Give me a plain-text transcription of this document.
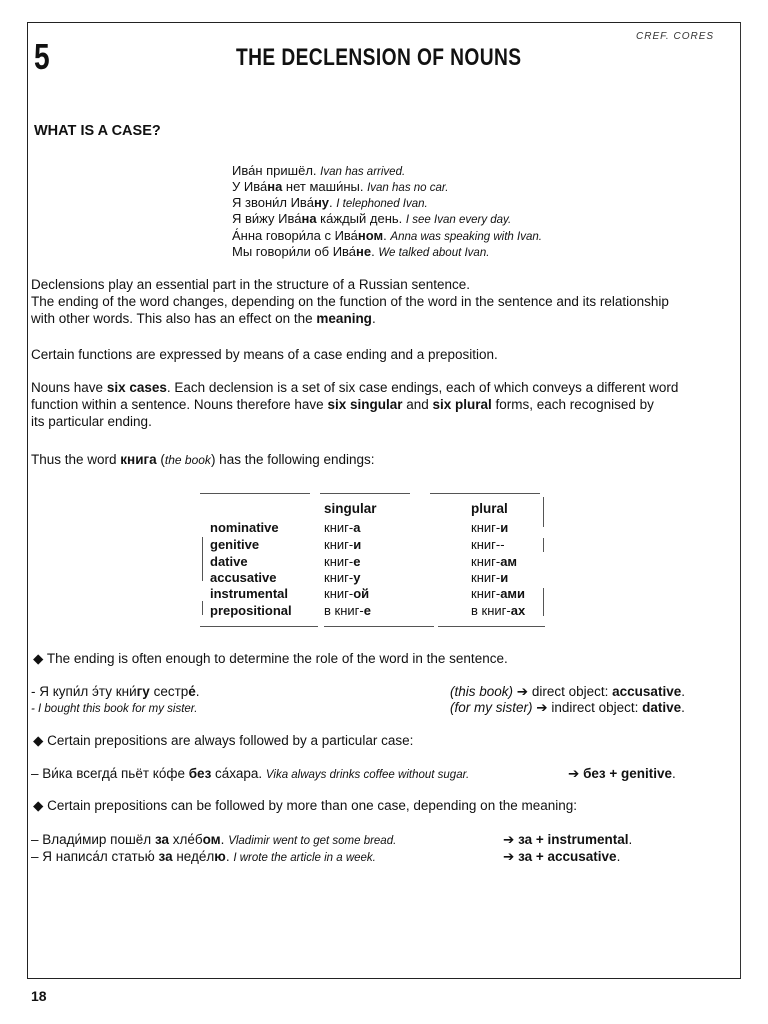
5	THE DECLENSION OF NOUNS
CREF. CORES
WHAT IS A CASE?
Ива́н пришёл. Ivan has arrived.
У Ива́на нет маши́ны. Ivan has no car.
Я звони́л Ива́ну. I telephoned Ivan.
Я ви́жу Ива́на ка́ждый день. I see Ivan every day.
А́нна говори́ла с Ива́ном. Anna was speaking with Ivan.
Мы говори́ли об Ива́не. We talked about Ivan.
Declensions play an essential part in the structure of a Russian sentence.
The ending of the word changes, depending on the function of the word in the sentence and its relationship
with other words. This also has an effect on the meaning.
Certain functions are expressed by means of a case ending and a preposition.
Nouns have six cases. Each declension is a set of six case endings, each of which conveys a different word
function within a sentence. Nouns therefore have six singular and six plural forms, each recognised by
its particular ending.
Thus the word книга (the book) has the following endings:
singular	plural
nominative	книг-а	книг-и
genitive	книг-и	книг--
dative	книг-е	книг-ам
accusative	книг-у	книг-и
instrumental	книг-ой	книг-ами
prepositional в книг-е	в книг-ах
◆ The ending is often enough to determine the role of the word in the sentence.
- Я купи́л э́ту кни́гу сестре́.
- I bought this book for my sister.
(this book) ➔ direct object: accusative.
(for my sister) ➔ indirect object: dative.
◆ Certain prepositions are always followed by a particular case:
– Ви́ка всегда́ пьёт ко́фе без са́хара. Vika always drinks coffee without sugar.	➔ без + genitive.
◆ Certain prepositions can be followed by more than one case, depending on the meaning:
– Влади́мир пошёл за хле́бом. Vladimir went to get some bread.	➔ за + instrumental.
– Я написа́л статью́ за неде́лю. I wrote the article in a week.	➔ за + accusative.
18
